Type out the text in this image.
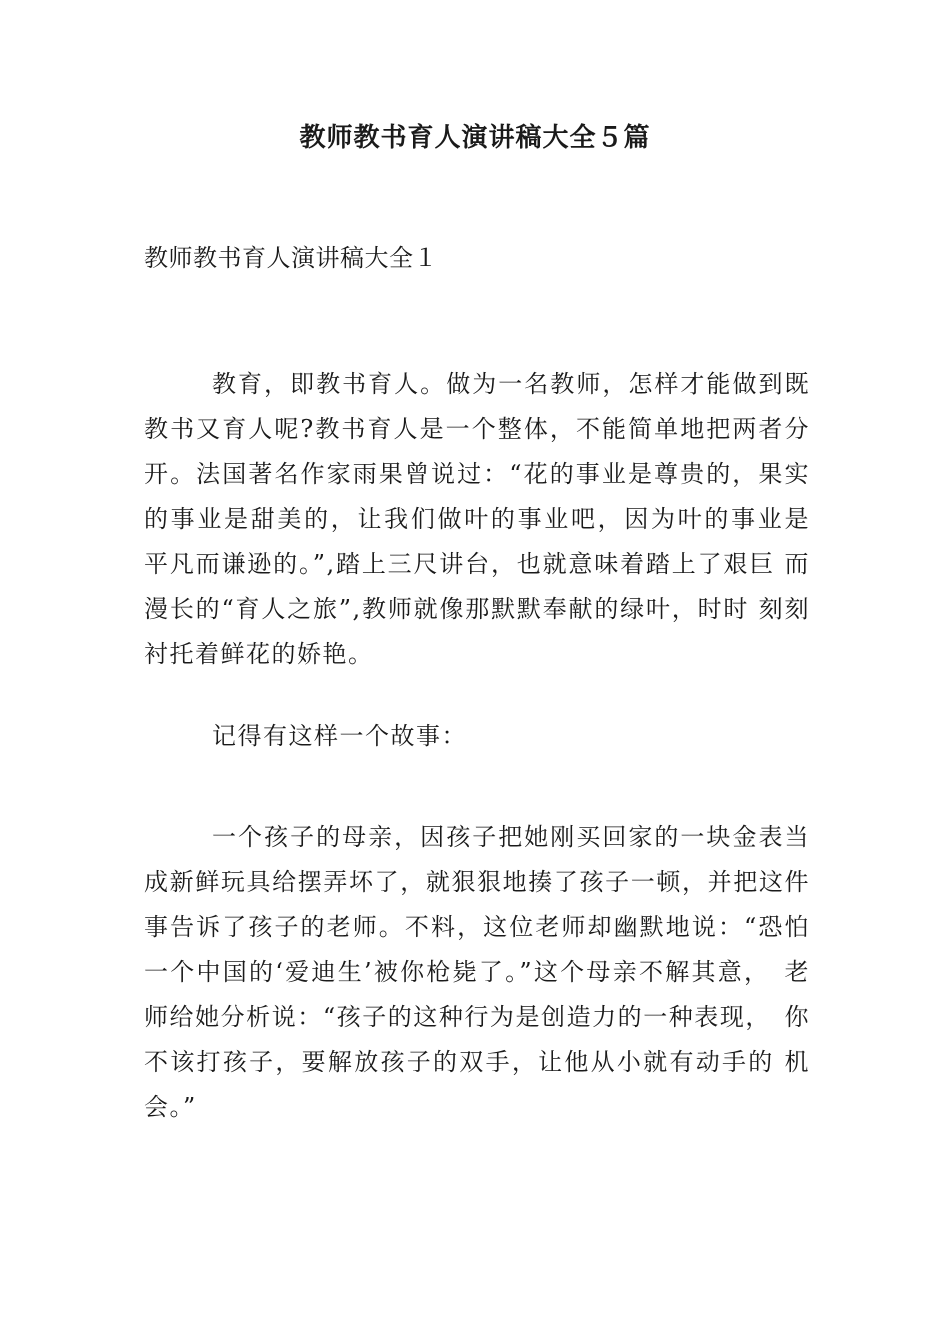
教师教书育人演讲稿大全５篇
教师教书育人演讲稿大全１

教育，即教书育人。做为一名教师，怎样才能做到既 教书又育人呢?教书育人是一个整体，不能简单地把两者分 开。法国著名作家雨果曾说过：“花的事业是尊贵的，果实 的事业是甜美的，让我们做叶的事业吧，因为叶的事业是 平凡而谦逊的。”,踏上三尺讲台，也就意味着踏上了艰巨 而漫长的“育人之旅”,教师就像那默默奉献的绿叶，时时 刻刻衬托着鲜花的娇艳。

记得有这样一个故事：

一个孩子的母亲，因孩子把她刚买回家的一块金表当成新鲜玩具给摆弄坏了，就狠狠地揍了孩子一顿，并把这件事告诉了孩子的老师。不料，这位老师却幽默地说：“恐怕一个中国的‘爱迪生’被你枪毙了。”这个母亲不解其意，　老师给她分析说：“孩子的这种行为是创造力的一种表现，　你不该打孩子，要解放孩子的双手，让他从小就有动手的 机会。”
